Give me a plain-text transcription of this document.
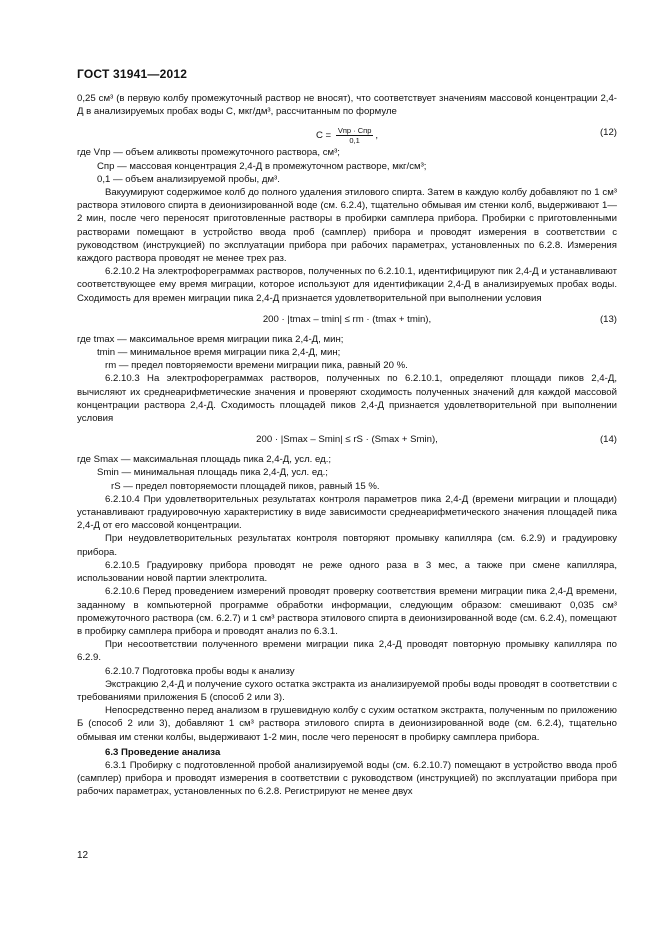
ГОСТ 31941—2012

0,25 см³ (в первую колбу промежуточный раствор не вносят), что соответствует значениям массовой концентрации 2,4-Д в анализируемых пробах воды С, мкг/дм³, рассчитанным по формуле

$C = \frac{\text{Vпр · Спр}}{0,1}$ ,	(12)
где Vпр — объем аликвоты промежуточного раствора, см³;
Спр — массовая концентрация 2,4-Д в промежуточном растворе, мкг/см³;
0,1 — объем анализируемой пробы, дм³.

Вакуумируют содержимое колб до полного удаления этилового спирта. Затем в каждую колбу добавляют по 1 см³ раствора этилового спирта в деионизированной воде (см. 6.2.4), тщательно обмывая им стенки колб, выдерживают 1—2 мин, после чего переносят приготовленные растворы в пробирки самплера прибора. Пробирки с приготовленными растворами помещают в устройство ввода проб (самплер) прибора и проводят измерения в соответствии с руководством (инструкцией) по эксплуатации прибора при рабочих параметрах, установленных по 6.2.8. Измерения каждого раствора проводят не менее трех раз.

6.2.10.2 На электрофореграммах растворов, полученных по 6.2.10.1, идентифицируют пик 2,4-Д и устанавливают соответствующее ему время миграции, которое используют для идентификации 2,4-Д в анализируемых пробах воды. Сходимость для времен миграции пика 2,4-Д признается удовлетворительной при выполнении условия

200 · |tmax – tmin| ≤ rm · (tmax + tmin),	(13)
где tmax — максимальное время миграции пика 2,4-Д, мин;
tmin — минимальное время миграции пика 2,4-Д, мин;
rm — предел повторяемости времени миграции пика, равный 20 %.

6.2.10.3 На электрофореграммах растворов, полученных по 6.2.10.1, определяют площади пиков 2,4-Д, вычисляют их среднеарифметические значения и проверяют сходимость полученных значений для каждой массовой концентрации раствора 2,4-Д. Сходимость площадей пиков 2,4-Д признается удовлетворительной при выполнении условия

200 · |Smax – Smin| ≤ rS · (Smax + Smin),	(14)
где Smax — максимальная площадь пика 2,4-Д, усл. ед.;
Smin — минимальная площадь пика 2,4-Д, усл. ед.;
rS — предел повторяемости площадей пиков, равный 15 %.

6.2.10.4 При удовлетворительных результатах контроля параметров пика 2,4-Д (времени миграции и площади) устанавливают градуировочную характеристику в виде зависимости среднеарифметического значения площадей пика 2,4-Д от его массовой концентрации.

При неудовлетворительных результатах контроля повторяют промывку капилляра (см. 6.2.9) и градуировку прибора.

6.2.10.5 Градуировку прибора проводят не реже одного раза в 3 мес, а также при смене капилляра, использовании новой партии электролита.

6.2.10.6 Перед проведением измерений проводят проверку соответствия времени миграции пика 2,4-Д времени, заданному в компьютерной программе обработки информации, следующим образом: смешивают 0,035 см³ промежуточного раствора (см. 6.2.7) и 1 см³ раствора этилового спирта в деионизированной воде (см. 6.2.4), помещают в пробирку самплера прибора и проводят анализ по 6.3.1.

При несоответствии полученного времени миграции пика 2,4-Д проводят повторную промывку капилляра по 6.2.9.

6.2.10.7 Подготовка пробы воды к анализу

Экстракцию 2,4-Д и получение сухого остатка экстракта из анализируемой пробы воды проводят в соответствии с требованиями приложения Б (способ 2 или 3).

Непосредственно перед анализом в грушевидную колбу с сухим остатком экстракта, полученным по приложению Б (способ 2 или 3), добавляют 1 см³ раствора этилового спирта в деионизированной воде (см. 6.2.4), тщательно обмывая им стенки колбы, выдерживают 1-2 мин, после чего переносят в пробирку самплера прибора.

6.3 Проведение анализа

6.3.1 Пробирку с подготовленной пробой анализируемой воды (см. 6.2.10.7) помещают в устройство ввода проб (самплер) прибора и проводят измерения в соответствии с руководством (инструкцией) по эксплуатации прибора при рабочих параметрах, установленных по 6.2.8. Регистрируют не менее двух

12
